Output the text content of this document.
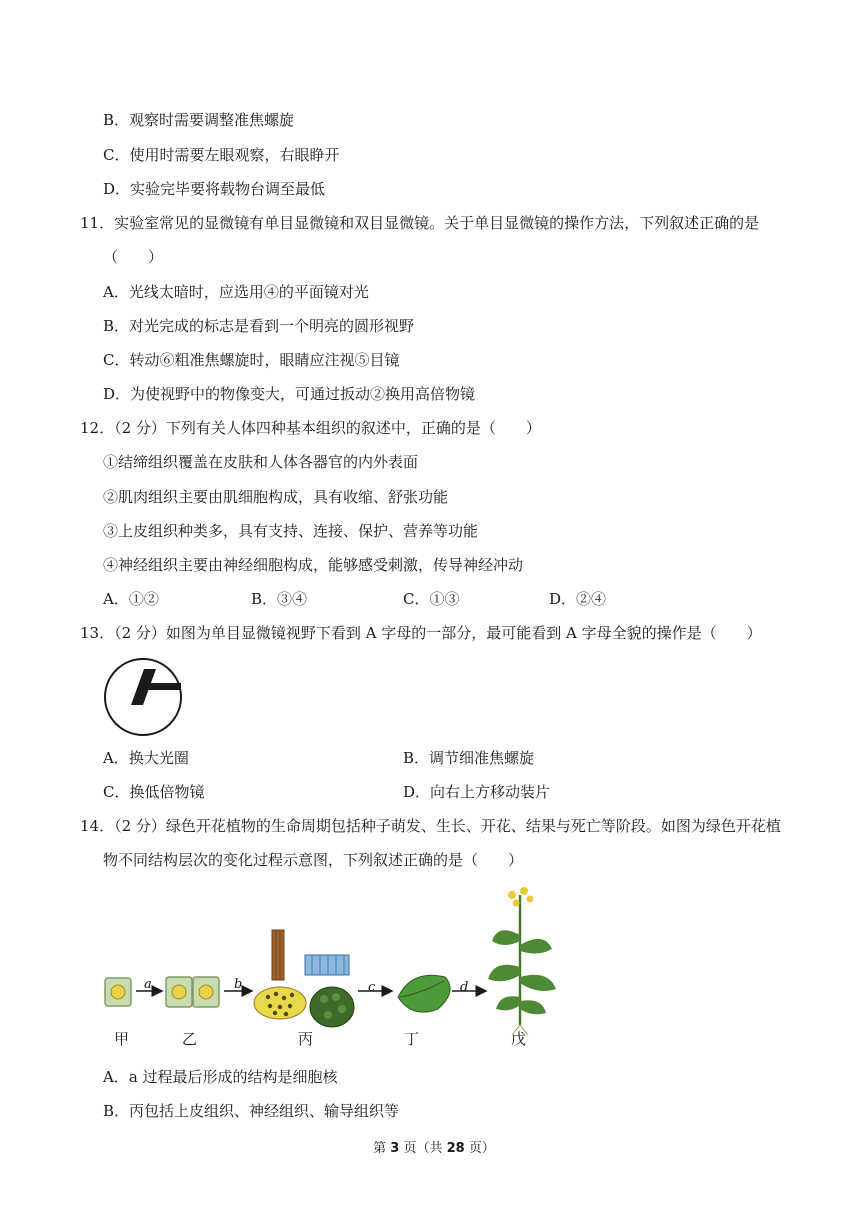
B．观察时需要调整准焦螺旋
C．使用时需要左眼观察，右眼睁开
D．实验完毕要将载物台调至最低
11．实验室常见的显微镜有单目显微镜和双目显微镜。关于单目显微镜的操作方法，下列叙述正确的是
（　　）
A．光线太暗时，应选用④的平面镜对光
B．对光完成的标志是看到一个明亮的圆形视野
C．转动⑥粗准焦螺旋时，眼睛应注视⑤目镜
D．为使视野中的物像变大，可通过扳动②换用高倍物镜
12．（2 分）下列有关人体四种基本组织的叙述中，正确的是（　　）
①结缔组织覆盖在皮肤和人体各器官的内外表面
②肌肉组织主要由肌细胞构成，具有收缩、舒张功能
③上皮组织种类多，具有支持、连接、保护、营养等功能
④神经组织主要由神经细胞构成，能够感受刺激，传导神经冲动
A．①②	B．③④	C．①③	D．②④
13．（2 分）如图为单目显微镜视野下看到 A 字母的一部分，最可能看到 A 字母全貌的操作是（　　）
A．换大光圈	B．调节细准焦螺旋
C．换低倍物镜	D．向右上方移动装片
14．（2 分）绿色开花植物的生命周期包括种子萌发、生长、开花、结果与死亡等阶段。如图为绿色开花植
物不同结构层次的变化过程示意图，下列叙述正确的是（　　）
a	b	c	d
甲	乙	丙	丁	戊
A．a 过程最后形成的结构是细胞核
B．丙包括上皮组织、神经组织、输导组织等
第 3 页（共 28 页）
